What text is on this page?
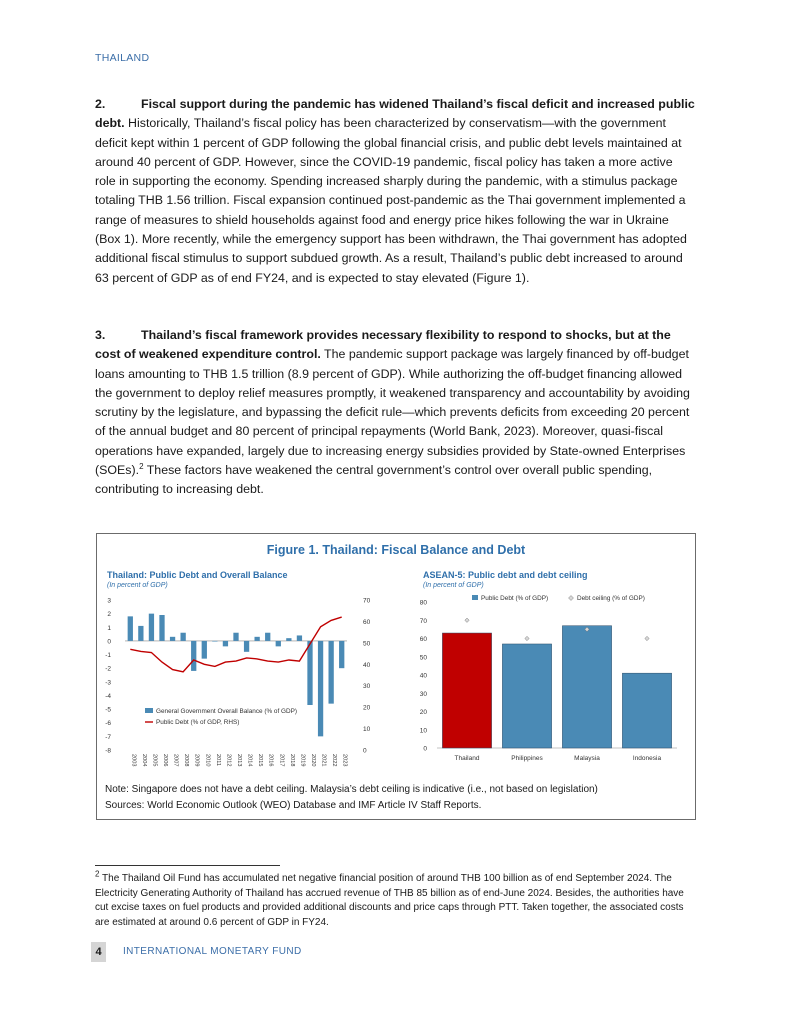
THAILAND

2.	Fiscal support during the pandemic has widened Thailand’s fiscal deficit and increased public debt. Historically, Thailand’s fiscal policy has been characterized by conservatism—with the government deficit kept within 1 percent of GDP following the global financial crisis, and public debt levels maintained at around 40 percent of GDP. However, since the COVID-19 pandemic, fiscal policy has taken a more active role in supporting the economy. Spending increased sharply during the pandemic, with a stimulus package totaling THB 1.56 trillion. Fiscal expansion continued post-pandemic as the Thai government implemented a range of measures to shield households against food and energy price hikes following the war in Ukraine (Box 1). More recently, while the emergency support has been withdrawn, the Thai government has adopted additional fiscal stimulus to support subdued growth. As a result, Thailand’s public debt increased to around 63 percent of GDP as of end FY24, and is expected to stay elevated (Figure 1).

3.	Thailand’s fiscal framework provides necessary flexibility to respond to shocks, but at the cost of weakened expenditure control. The pandemic support package was largely financed by off-budget loans amounting to THB 1.5 trillion (8.9 percent of GDP). While authorizing the off-budget financing allowed the government to deploy relief measures promptly, it weakened transparency and accountability by avoiding scrutiny by the legislature, and bypassing the deficit rule—which prevents deficits from exceeding 20 percent of the annual budget and 80 percent of principal repayments (World Bank, 2023). Moreover, quasi-fiscal operations have expanded, largely due to increasing energy subsidies provided by State-owned Enterprises (SOEs).$^2$ These factors have weakened the central government’s control over overall public spending, contributing to increasing debt.

Figure 1. Thailand: Fiscal Balance and Debt
Thailand: Public Debt and Overall Balance
(In percent of GDP)
3
2
1
0
-1
-2
-3
-4
-5
-6
-7
-8
70
60
50
40
30
20
10
0
2003 2004 2005 2006 2007 2008 2009 2010 2011 2012 2013 2014 2015 2016 2017 2018 2019 2020 2021 2022 2023
General Government Overall Balance (% of GDP)
Public Debt (% of GDP, RHS)
ASEAN-5: Public debt and debt ceiling
(In percent of GDP)
80
70
60
50
40
30
20
10
0
Thailand	Philippines	Malaysia	Indonesia
Public Debt (% of GDP)	Debt ceiling (% of GDP)
Note: Singapore does not have a debt ceiling. Malaysia’s debt ceiling is indicative (i.e., not based on legislation)
Sources: World Economic Outlook (WEO) Database and IMF Article IV Staff Reports.

$^2$ The Thailand Oil Fund has accumulated net negative financial position of around THB 100 billion as of end September 2024. The Electricity Generating Authority of Thailand has accrued revenue of THB 85 billion as of end-June 2024. Besides, the authorities have cut excise taxes on fuel products and provided additional discounts and price caps through PTT. Taken together, the associated costs are estimated at around 0.6 percent of GDP in FY24.

4	INTERNATIONAL MONETARY FUND
